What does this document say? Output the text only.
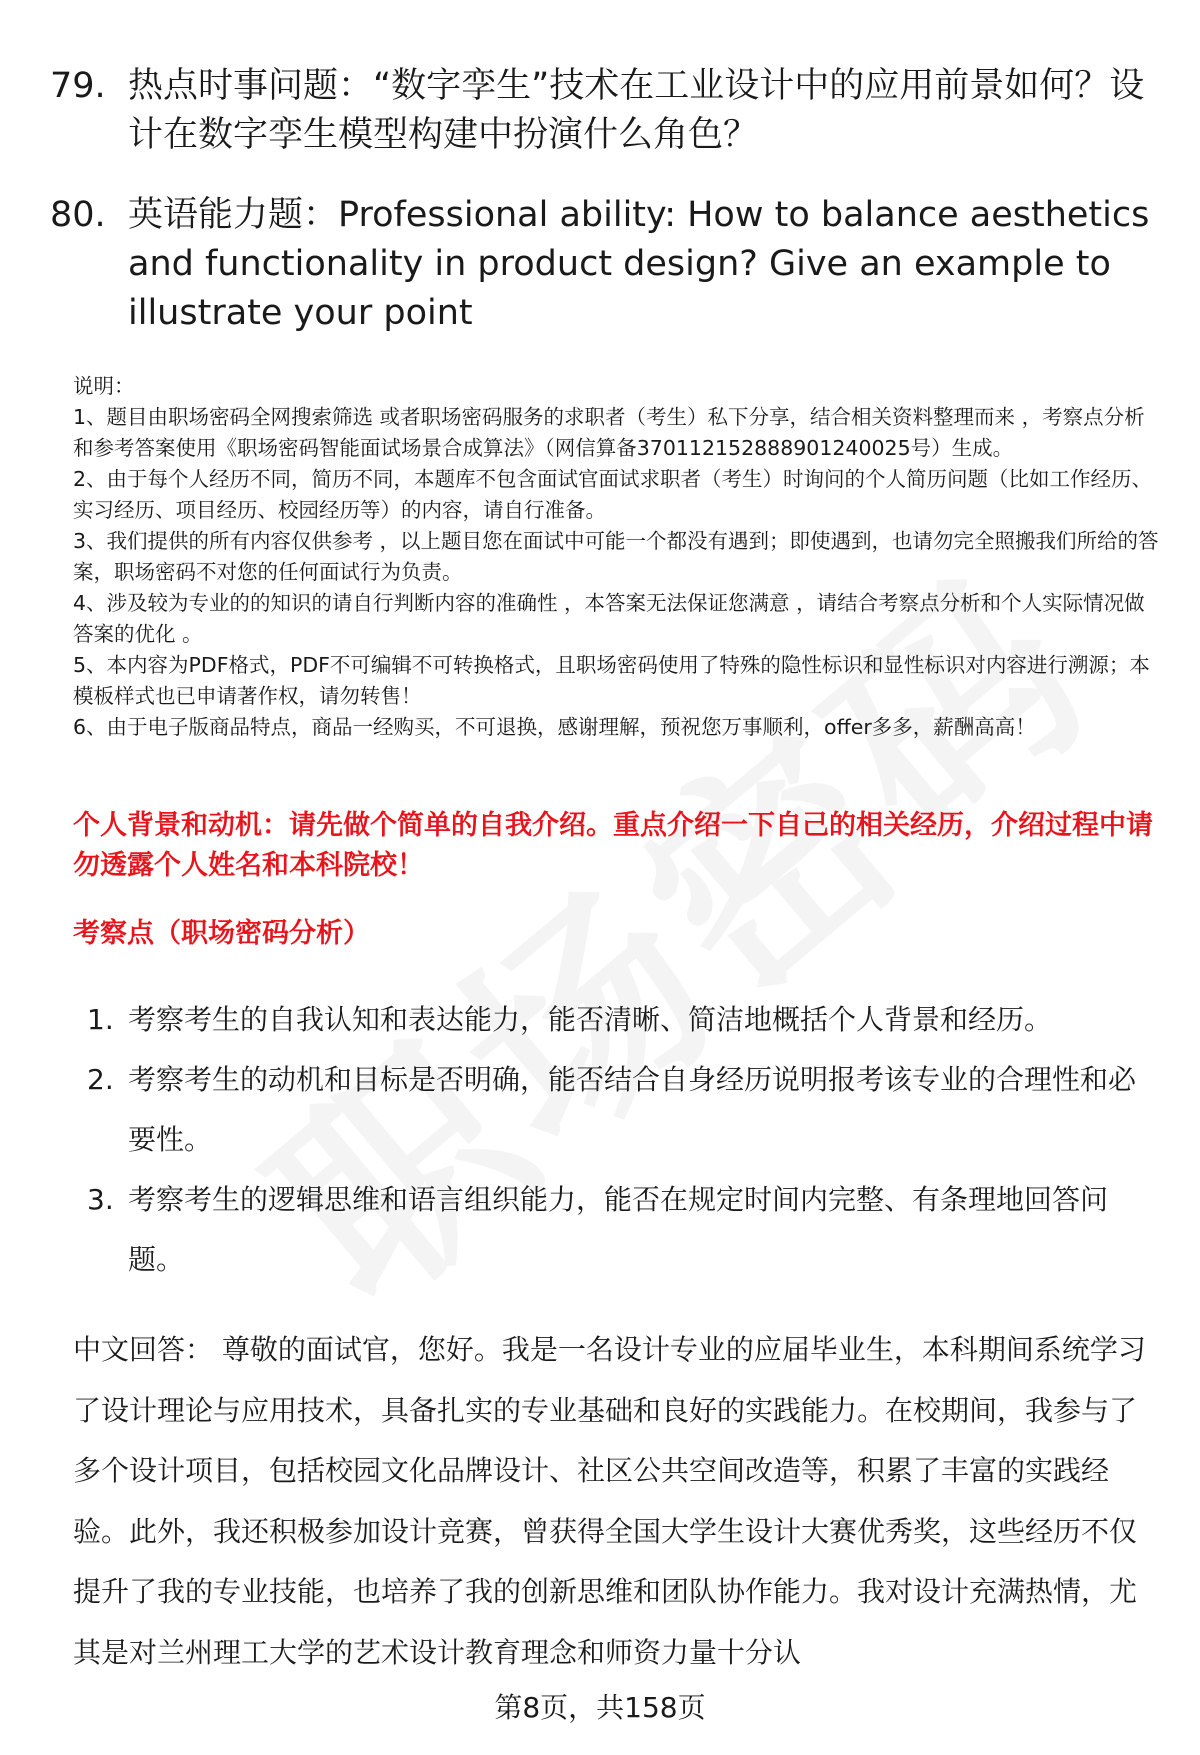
79. 热点时事问题：“数字孪生”技术在工业设计中的应用前景如何？设计在数字孪生模型构建中扮演什么角色？
80. 英语能力题：Professional ability: How to balance aesthetics and functionality in product design? Give an example to illustrate your point

说明：

1、题目由职场密码全网搜索筛选 或者职场密码服务的求职者（考生）私下分享，结合相关资料整理而来 ，考察点分析和参考答案使用《职场密码智能面试场景合成算法》（网信算备370112152888901240025号）生成。

2、由于每个人经历不同，简历不同，本题库不包含面试官面试求职者（考生）时询问的个人简历问题（比如工作经历、实习经历、项目经历、校园经历等）的内容，请自行准备。

3、我们提供的所有内容仅供参考 ，以上题目您在面试中可能一个都没有遇到；即使遇到，也请勿完全照搬我们所给的答案，职场密码不对您的任何面试行为负责。

4、涉及较为专业的的知识的请自行判断内容的准确性 ，本答案无法保证您满意 ，请结合考察点分析和个人实际情况做答案的优化 。

5、本内容为PDF格式，PDF不可编辑不可转换格式，且职场密码使用了特殊的隐性标识和显性标识对内容进行溯源；本模板样式也已申请著作权，请勿转售！

6、由于电子版商品特点，商品一经购买，不可退换，感谢理解，预祝您万事顺利，offer多多，薪酬高高！

个人背景和动机：请先做个简单的自我介绍。重点介绍一下自己的相关经历，介绍过程中请勿透露个人姓名和本科院校！
考察点（职场密码分析）
1. 考察考生的自我认知和表达能力，能否清晰、简洁地概括个人背景和经历。
2. 考察考生的动机和目标是否明确，能否结合自身经历说明报考该专业的合理性和必要性。
3. 考察考生的逻辑思维和语言组织能力，能否在规定时间内完整、有条理地回答问题。
中文回答： 尊敬的面试官，您好。我是一名设计专业的应届毕业生，本科期间系统学习了设计理论与应用技术，具备扎实的专业基础和良好的实践能力。在校期间，我参与了多个设计项目，包括校园文化品牌设计、社区公共空间改造等，积累了丰富的实践经验。此外，我还积极参加设计竞赛，曾获得全国大学生设计大赛优秀奖，这些经历不仅提升了我的专业技能，也培养了我的创新思维和团队协作能力。我对设计充满热情，尤其是对兰州理工大学的艺术设计教育理念和师资力量十分认
第8页，共158页
